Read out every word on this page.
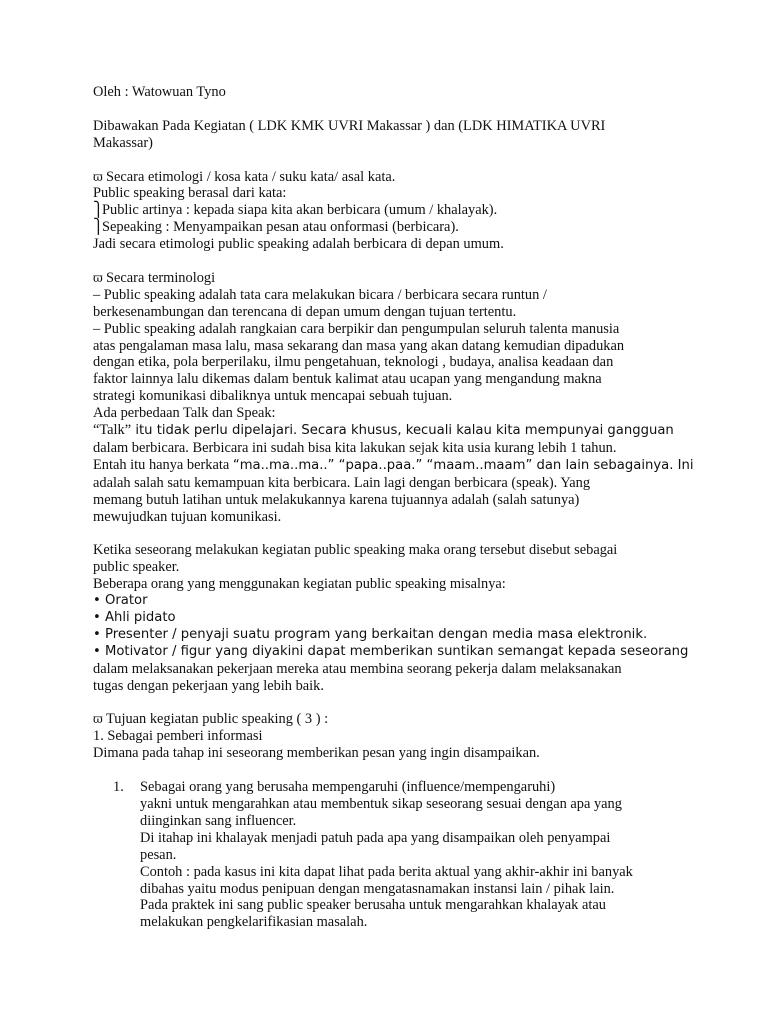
Oleh : Watowuan Tyno
Dibawakan Pada Kegiatan ( LDK KMK UVRI Makassar ) dan (LDK HIMATIKA UVRI
Makassar)
ϖ Secara etimologi / kosa kata / suku kata/ asal kata.
Public speaking berasal dari kata:
⎫Public artinya : kepada siapa kita akan berbicara (umum / khalayak).
⎫Sepeaking : Menyampaikan pesan atau onformasi (berbicara).
Jadi secara etimologi public speaking adalah berbicara di depan umum.
ϖ Secara terminologi
– Public speaking adalah tata cara melakukan bicara / berbicara secara runtun /
berkesenambungan dan terencana di depan umum dengan tujuan tertentu.
– Public speaking adalah rangkaian cara berpikir dan pengumpulan seluruh talenta manusia
atas pengalaman masa lalu, masa sekarang dan masa yang akan datang kemudian dipadukan
dengan etika, pola berperilaku, ilmu pengetahuan, teknologi , budaya, analisa keadaan dan
faktor lainnya lalu dikemas dalam bentuk kalimat atau ucapan yang mengandung makna
strategi komunikasi dibaliknya untuk mencapai sebuah tujuan.
Ada perbedaan Talk dan Speak:
“Talk” itu tidak perlu dipelajari. Secara khusus, kecuali kalau kita mempunyai gangguan
dalam berbicara. Berbicara ini sudah bisa kita lakukan sejak kita usia kurang lebih 1 tahun.
Entah itu hanya berkata “ma..ma..ma..” “papa..paa.” “maam..maam” dan lain sebagainya. Ini
adalah salah satu kemampuan kita berbicara. Lain lagi dengan berbicara (speak). Yang
memang butuh latihan untuk melakukannya karena tujuannya adalah (salah satunya)
mewujudkan tujuan komunikasi.
Ketika seseorang melakukan kegiatan public speaking maka orang tersebut disebut sebagai
public speaker.
Beberapa orang yang menggunakan kegiatan public speaking misalnya:
• Orator
• Ahli pidato
• Presenter / penyaji suatu program yang berkaitan dengan media masa elektronik.
• Motivator / figur yang diyakini dapat memberikan suntikan semangat kepada seseorang
dalam melaksanakan pekerjaan mereka atau membina seorang pekerja dalam melaksanakan
tugas dengan pekerjaan yang lebih baik.
ϖ Tujuan kegiatan public speaking ( 3 ) :
1. Sebagai pemberi informasi
Dimana pada tahap ini seseorang memberikan pesan yang ingin disampaikan.
1. Sebagai orang yang berusaha mempengaruhi (influence/mempengaruhi)
yakni untuk mengarahkan atau membentuk sikap seseorang sesuai dengan apa yang
diinginkan sang influencer.
Di itahap ini khalayak menjadi patuh pada apa yang disampaikan oleh penyampai
pesan.
Contoh : pada kasus ini kita dapat lihat pada berita aktual yang akhir-akhir ini banyak
dibahas yaitu modus penipuan dengan mengatasnamakan instansi lain / pihak lain.
Pada praktek ini sang public speaker berusaha untuk mengarahkan khalayak atau
melakukan pengkelarifikasian masalah.
